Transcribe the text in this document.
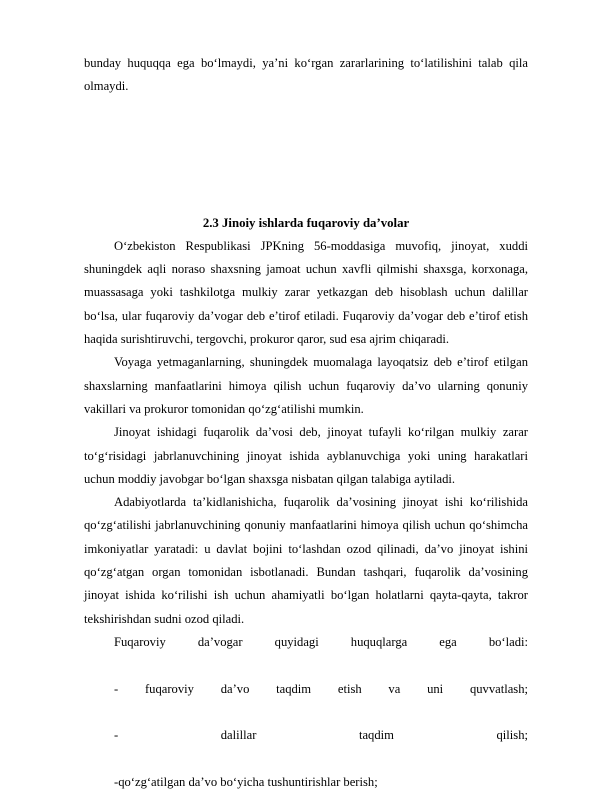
bunday huquqqa ega bo‘lmaydi, ya’ni ko‘rgan zararlarining to‘latilishini talab qila olmaydi.

2.3 Jinoiy ishlarda fuqaroviy da’volar

O‘zbekiston Respublikasi JPKning 56-moddasiga muvofiq, jinoyat, xuddi shuningdek aqli noraso shaxsning jamoat uchun xavfli qilmishi shaxsga, korxonaga, muassasaga yoki tashkilotga mulkiy zarar yetkazgan deb hisoblash uchun dalillar bo‘lsa, ular fuqaroviy da’vogar deb e’tirof etiladi. Fuqaroviy da’vogar deb e’tirof etish haqida surishtiruvchi, tergovchi, prokuror qaror, sud esa ajrim chiqaradi.

Voyaga yetmaganlarning, shuningdek muomalaga layoqatsiz deb e’tirof etilgan shaxslarning manfaatlarini himoya qilish uchun fuqaroviy da’vo ularning qonuniy vakillari va prokuror tomonidan qo‘zg‘atilishi mumkin.

Jinoyat ishidagi fuqarolik da’vosi deb, jinoyat tufayli ko‘rilgan mulkiy zarar to‘g‘risidagi jabrlanuvchining jinoyat ishida ayblanuvchiga yoki uning harakatlari uchun moddiy javobgar bo‘lgan shaxsga nisbatan qilgan talabiga aytiladi.

Adabiyotlarda ta’kidlanishicha, fuqarolik da’vosining jinoyat ishi ko‘rilishida qo‘zg‘atilishi jabrlanuvchining qonuniy manfaatlarini himoya qilish uchun qo‘shimcha imkoniyatlar yaratadi: u davlat bojini to‘lashdan ozod qilinadi, da’vo jinoyat ishini qo‘zg‘atgan organ tomonidan isbotlanadi. Bundan tashqari, fuqarolik da’vosining jinoyat ishida ko‘rilishi ish uchun ahamiyatli bo‘lgan holatlarni qayta-qayta, takror tekshirishdan sudni ozod qiladi.

Fuqaroviy da’vogar quyidagi huquqlarga ega bo‘ladi:

- fuqaroviy da’vo taqdim etish va uni quvvatlash;

- dalillar taqdim qilish;

-qo‘zg‘atilgan da’vo bo‘yicha tushuntirishlar berish;
